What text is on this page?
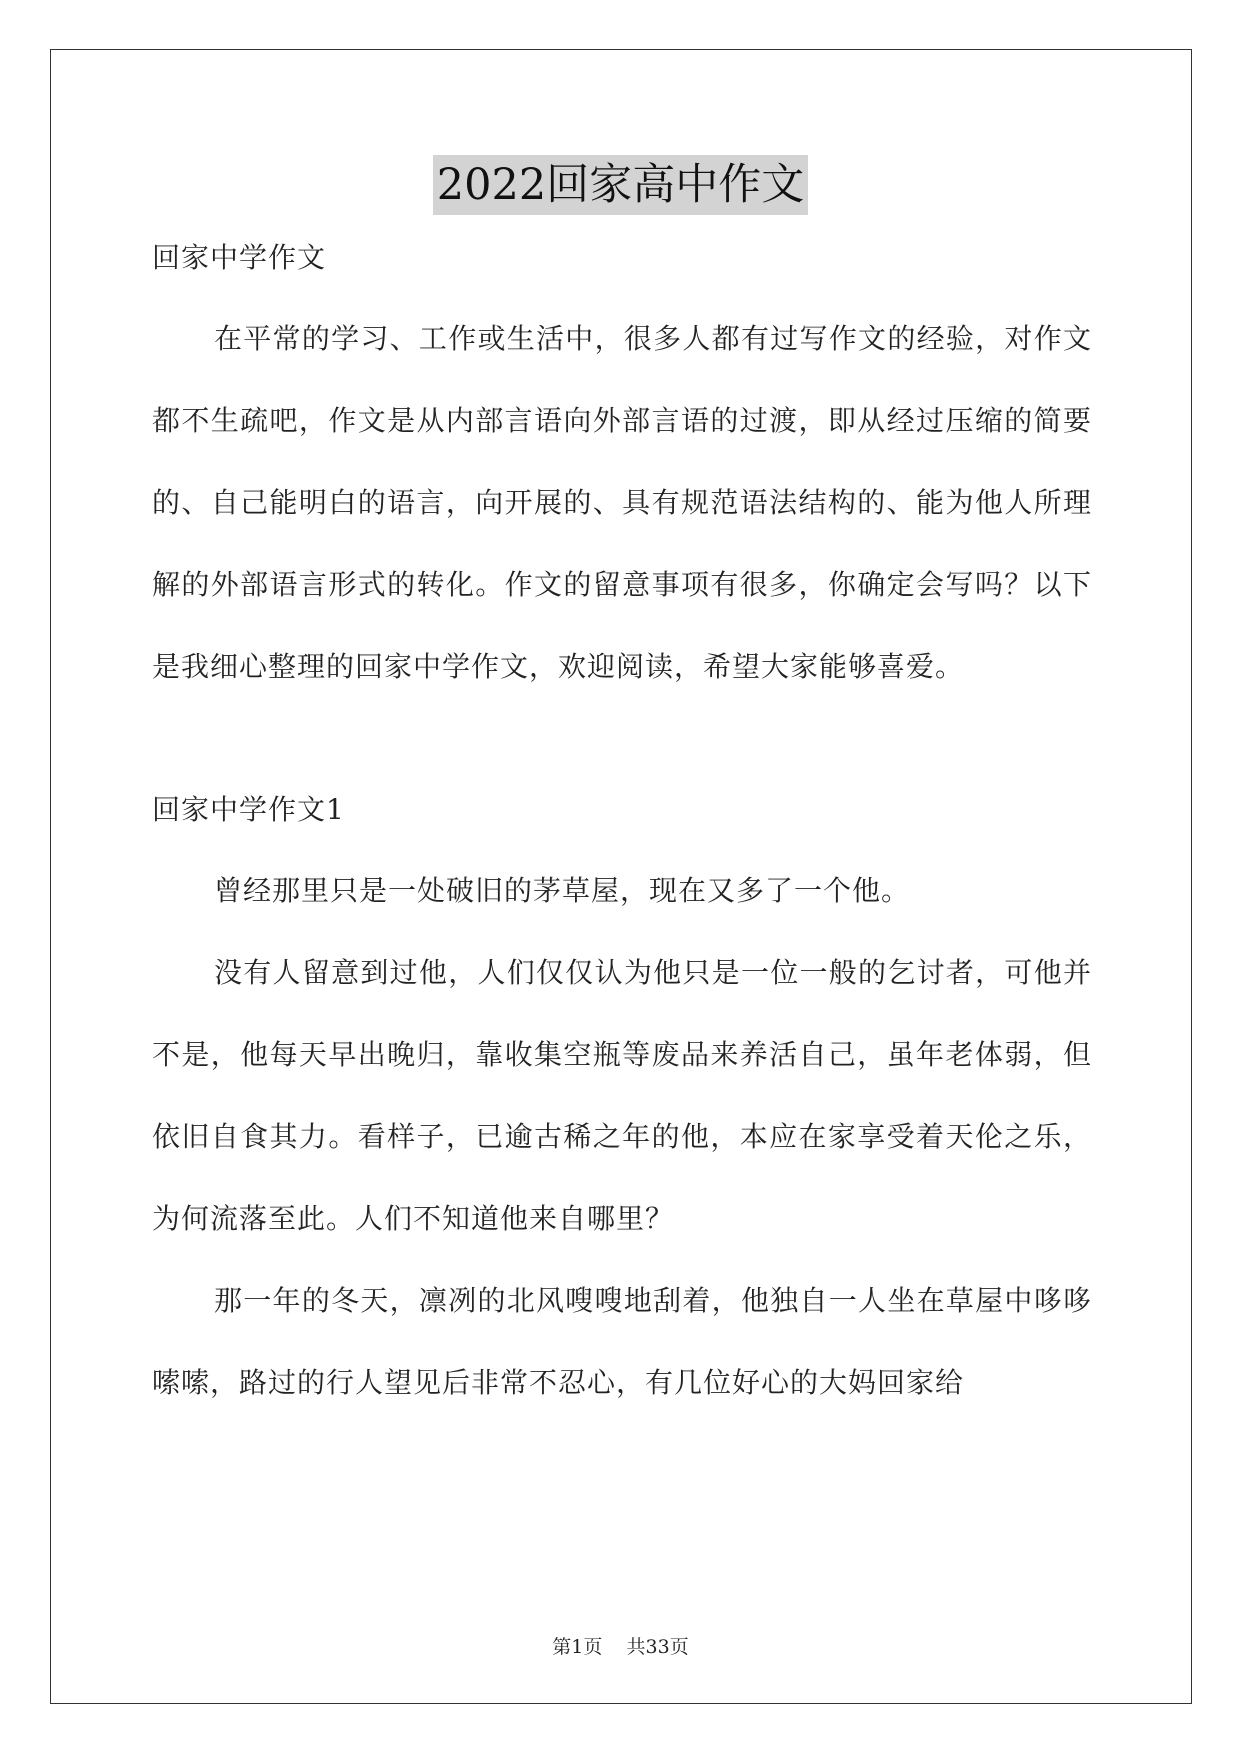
2022回家高中作文

回家中学作文

在平常的学习、工作或生活中，很多人都有过写作文的经验，对作文都不生疏吧，作文是从内部言语向外部言语的过渡，即从经过压缩的简要的、自己能明白的语言，向开展的、具有规范语法结构的、能为他人所理解的外部语言形式的转化。作文的留意事项有很多，你确定会写吗？以下是我细心整理的回家中学作文，欢迎阅读，希望大家能够喜爱。

回家中学作文1

曾经那里只是一处破旧的茅草屋，现在又多了一个他。

没有人留意到过他，人们仅仅认为他只是一位一般的乞讨者，可他并不是，他每天早出晚归，靠收集空瓶等废品来养活自己，虽年老体弱，但依旧自食其力。看样子，已逾古稀之年的他，本应在家享受着天伦之乐，为何流落至此。人们不知道他来自哪里？

那一年的冬天，凛冽的北风嗖嗖地刮着，他独自一人坐在草屋中哆哆嗦嗦，路过的行人望见后非常不忍心，有几位好心的大妈回家给

第1页 共33页
